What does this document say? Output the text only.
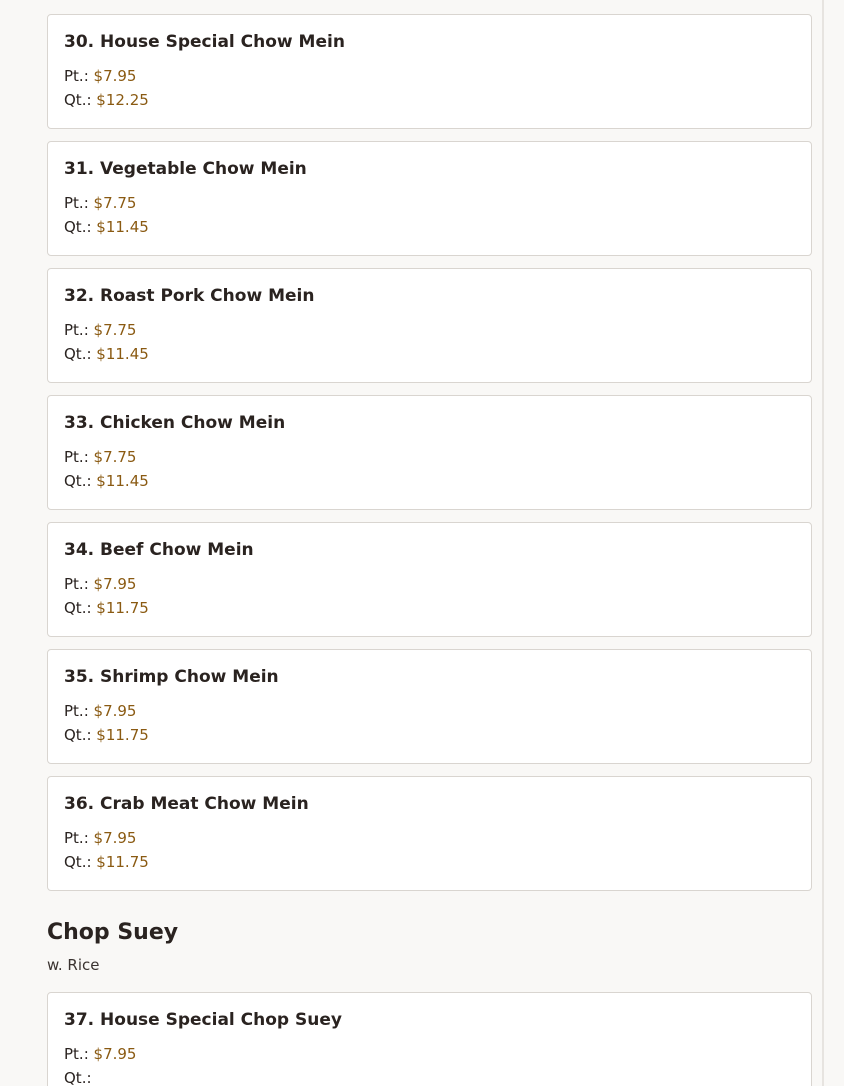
30. House Special Chow Mein
Pt.: $7.95
Qt.: $12.25
31. Vegetable Chow Mein
Pt.: $7.75
Qt.: $11.45
32. Roast Pork Chow Mein
Pt.: $7.75
Qt.: $11.45
33. Chicken Chow Mein
Pt.: $7.75
Qt.: $11.45
34. Beef Chow Mein
Pt.: $7.95
Qt.: $11.75
35. Shrimp Chow Mein
Pt.: $7.95
Qt.: $11.75
36. Crab Meat Chow Mein
Pt.: $7.95
Qt.: $11.75
Chop Suey
w. Rice
37. House Special Chop Suey
Pt.: $7.95
Qt.:
